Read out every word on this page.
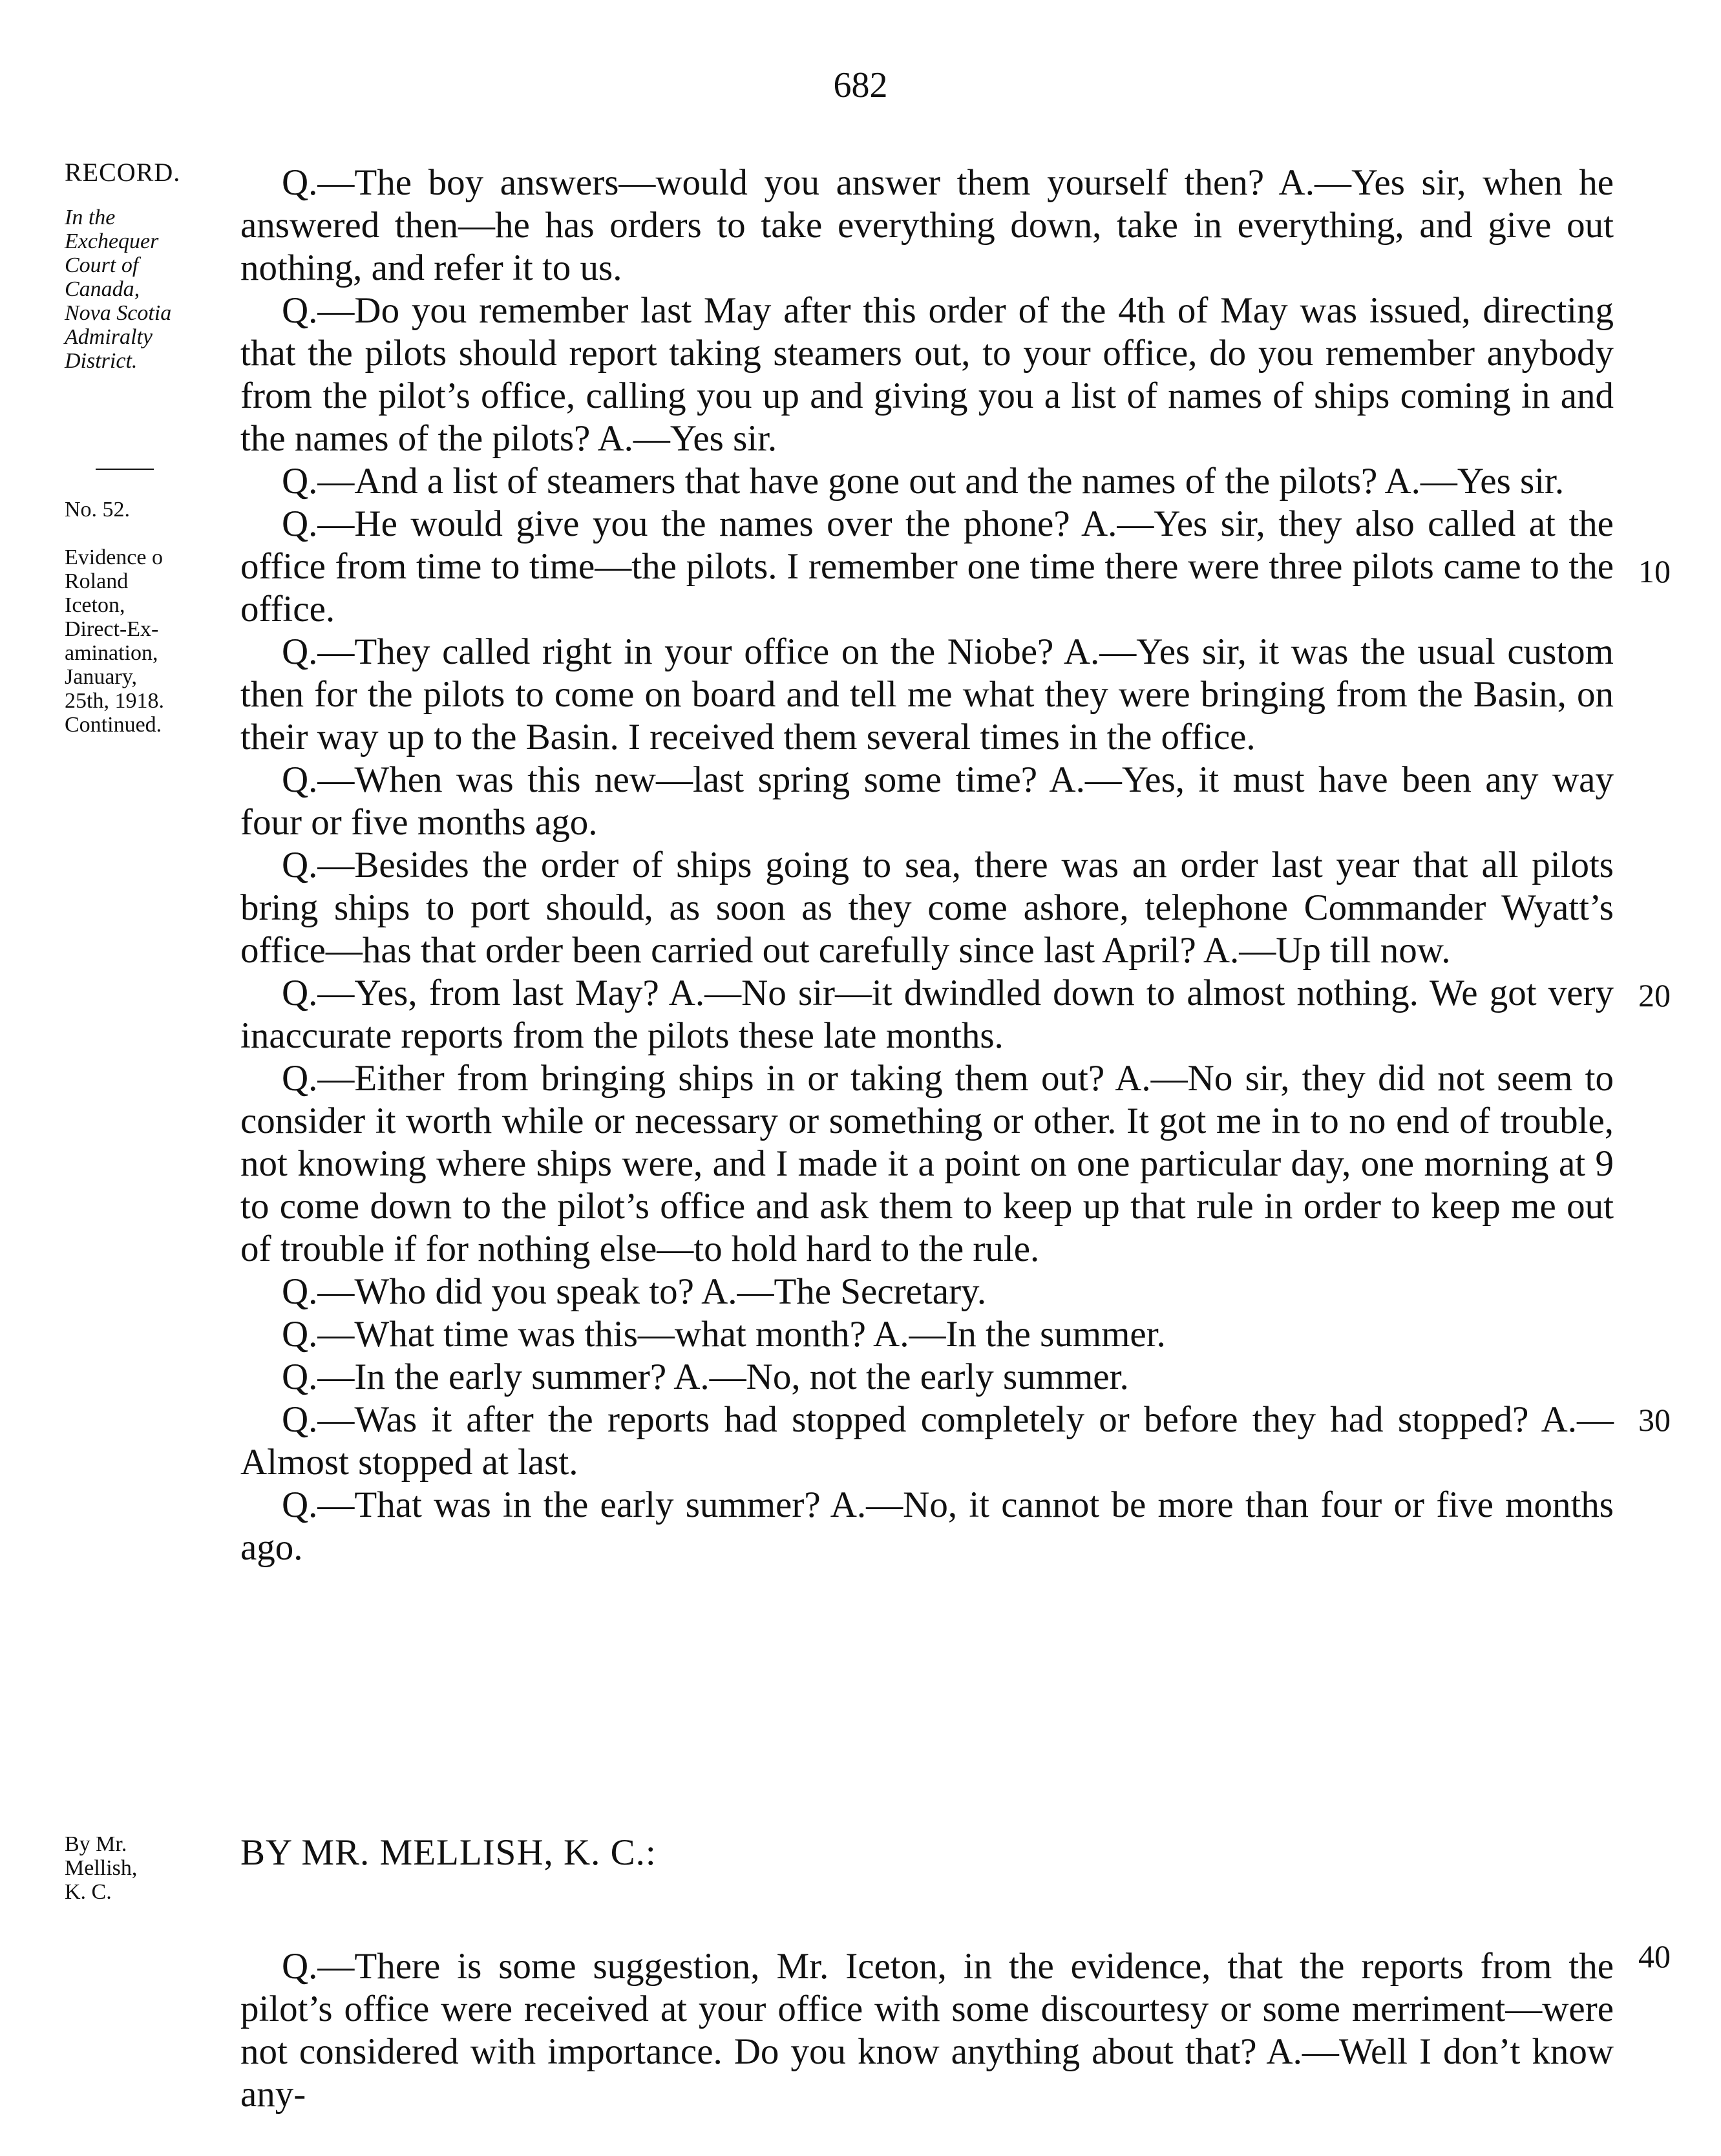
682
RECORD.
In the
Exchequer
Court of
Canada,
Nova Scotia
Admiralty
District.

No. 52.

Evidence o
Roland
Iceton,
Direct-Ex-
amination,
January,
25th, 1918.
Continued.

By Mr.
Mellish,
K. C.

Q.—The boy answers—would you answer them yourself then? A.—Yes sir, when he answered then—he has orders to take everything down, take in everything, and give out nothing, and refer it to us.

Q.—Do you remember last May after this order of the 4th of May was issued, directing that the pilots should report taking steamers out, to your office, do you remember anybody from the pilot’s office, calling you up and giving you a list of names of ships coming in and the names of the pilots? A.—Yes sir.

Q.—And a list of steamers that have gone out and the names of the pilots? A.—Yes sir.

Q.—He would give you the names over the phone? A.—Yes sir, they also called at the office from time to time—the pilots. I remember one time there were three pilots came to the office.

Q.—They called right in your office on the Niobe? A.—Yes sir, it was the usual custom then for the pilots to come on board and tell me what they were bringing from the Basin, on their way up to the Basin. I received them several times in the office.

Q.—When was this new—last spring some time? A.—Yes, it must have been any way four or five months ago.

Q.—Besides the order of ships going to sea, there was an order last year that all pilots bring ships to port should, as soon as they come ashore, telephone Commander Wyatt’s office—has that order been carried out carefully since last April? A.—Up till now.

Q.—Yes, from last May? A.—No sir—it dwindled down to almost nothing. We got very inaccurate reports from the pilots these late months.

Q.—Either from bringing ships in or taking them out? A.—No sir, they did not seem to consider it worth while or necessary or something or other. It got me in to no end of trouble, not knowing where ships were, and I made it a point on one particular day, one morning at 9 to come down to the pilot’s office and ask them to keep up that rule in order to keep me out of trouble if for nothing else—to hold hard to the rule.

Q.—Who did you speak to? A.—The Secretary.

Q.—What time was this—what month? A.—In the summer.

Q.—In the early summer? A.—No, not the early summer.

Q.—Was it after the reports had stopped completely or before they had stopped? A.—Almost stopped at last.

Q.—That was in the early summer? A.—No, it cannot be more than four or five months ago.

BY MR. MELLISH, K. C.:

Q.—There is some suggestion, Mr. Iceton, in the evidence, that the reports from the pilot’s office were received at your office with some discourtesy or some merriment—were not considered with importance. Do you know anything about that? A.—Well I don’t know any-

10
20
30
40
